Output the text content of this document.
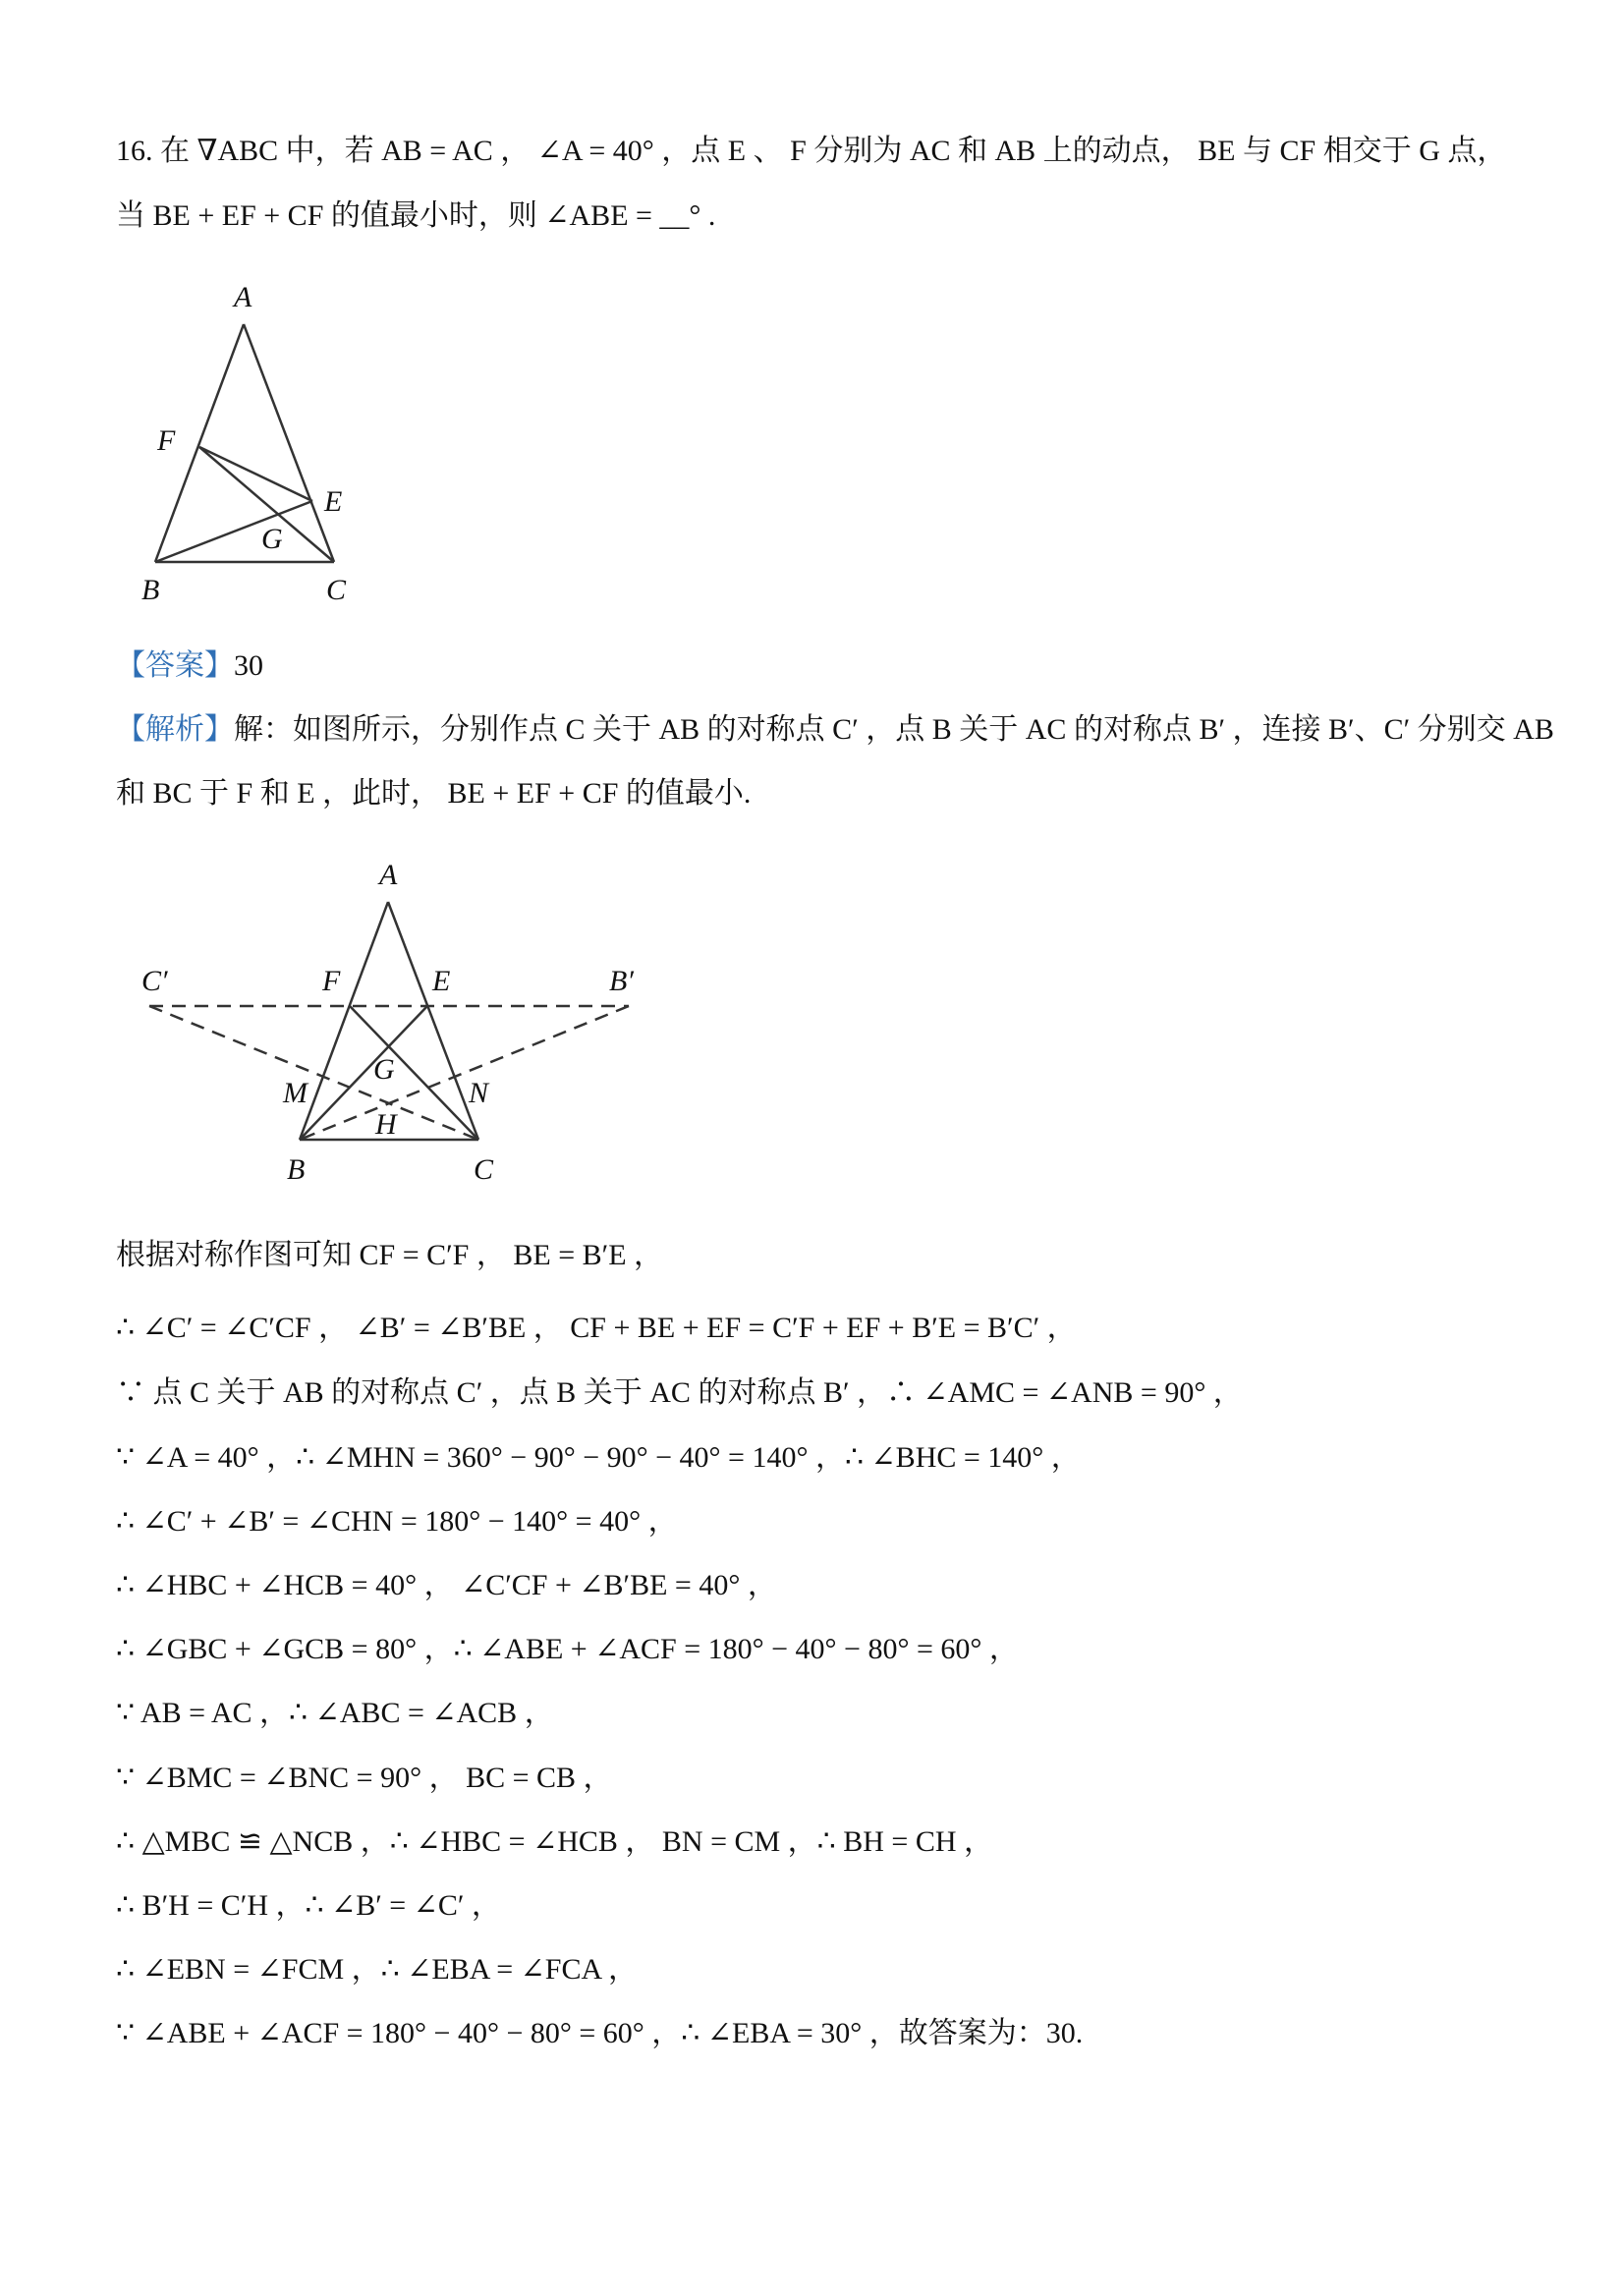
16. 在 ∇ABC 中，若 AB = AC ， ∠A = 40° ，点 E 、 F 分别为 AC 和 AB 上的动点， BE 与 CF 相交于 G 点，
当 BE + EF + CF 的值最小时，则 ∠ABE = __° .
A
F
E
G
B	C
【答案】30
【解析】解：如图所示，分别作点 C 关于 AB 的对称点 C′ ，点 B 关于 AC 的对称点 B′ ，连接 B′、C′ 分别交 AB
和 BC 于 F 和 E ，此时， BE + EF + CF 的值最小.
A
C′	F	E	B′
G
M	N
H
B	C
根据对称作图可知 CF = C′F ， BE = B′E ，
∴ ∠C′ = ∠C′CF ， ∠B′ = ∠B′BE ， CF + BE + EF = C′F + EF + B′E = B′C′ ，
∵ 点 C 关于 AB 的对称点 C′ ，点 B 关于 AC 的对称点 B′ ，∴ ∠AMC = ∠ANB = 90° ，
∵ ∠A = 40° ，∴ ∠MHN = 360° − 90° − 90° − 40° = 140° ，∴ ∠BHC = 140° ，
∴ ∠C′ + ∠B′ = ∠CHN = 180° − 140° = 40° ，
∴ ∠HBC + ∠HCB = 40° ， ∠C′CF + ∠B′BE = 40° ，
∴ ∠GBC + ∠GCB = 80° ，∴ ∠ABE + ∠ACF = 180° − 40° − 80° = 60° ，
∵ AB = AC ，∴ ∠ABC = ∠ACB ，
∵ ∠BMC = ∠BNC = 90° ， BC = CB ，
∴ △MBC ≌ △NCB ，∴ ∠HBC = ∠HCB ， BN = CM ，∴ BH = CH ，
∴ B′H = C′H ，∴ ∠B′ = ∠C′ ，
∴ ∠EBN = ∠FCM ，∴ ∠EBA = ∠FCA ，
∵ ∠ABE + ∠ACF = 180° − 40° − 80° = 60° ，∴ ∠EBA = 30° ，故答案为：30.
